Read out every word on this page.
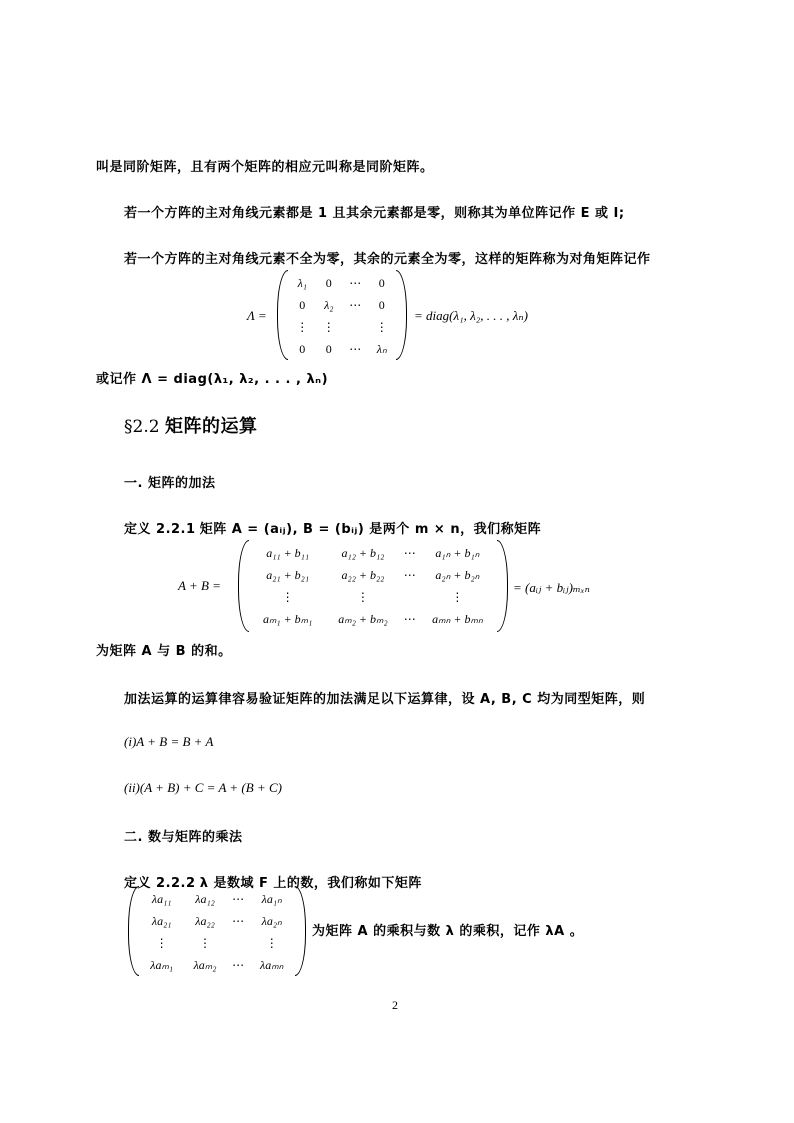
叫是同阶矩阵，且有两个矩阵的相应元叫称是同阶矩阵。
若一个方阵的主对角线元素都是 1 且其余元素都是零，则称其为单位阵记作 E 或 I;
若一个方阵的主对角线元素不全为零，其余的元素全为零，这样的矩阵称为对角矩阵记作
Λ =
λ₁	0	⋯	0
0	λ₂	⋯	0
⋮	⋮		⋮
0	0	⋯	λₙ
= diag(λ₁, λ₂, . . . , λₙ)
或记作 Λ = diag(λ₁, λ₂, . . . , λₙ)
§2.2 矩阵的运算
一. 矩阵的加法
定义 2.2.1 矩阵 A = (aᵢⱼ), B = (bᵢⱼ) 是两个 m × n，我们称矩阵
A + B =
a₁₁ + b₁₁	a₁₂ + b₁₂	⋯	a₁ₙ + b₁ₙ
a₂₁ + b₂₁	a₂₂ + b₂₂	⋯	a₂ₙ + b₂ₙ
⋮	⋮		⋮
aₘ₁ + bₘ₁	aₘ₂ + bₘ₂	⋯	aₘₙ + bₘₙ
= (aᵢⱼ + bᵢⱼ)ₘₓₙ
为矩阵 A 与 B 的和。
加法运算的运算律容易验证矩阵的加法满足以下运算律，设 A, B, C 均为同型矩阵，则
(i)A + B = B + A
(ii)(A + B) + C = A + (B + C)
二. 数与矩阵的乘法
定义 2.2.2 λ 是数域 F 上的数，我们称如下矩阵
λa₁₁	λa₁₂	⋯	λa₁ₙ
λa₂₁	λa₂₂	⋯	λa₂ₙ
⋮	⋮		⋮
λaₘ₁	λaₘ₂	⋯	λaₘₙ
为矩阵 A 的乘积与数 λ 的乘积，记作 λA 。
2
